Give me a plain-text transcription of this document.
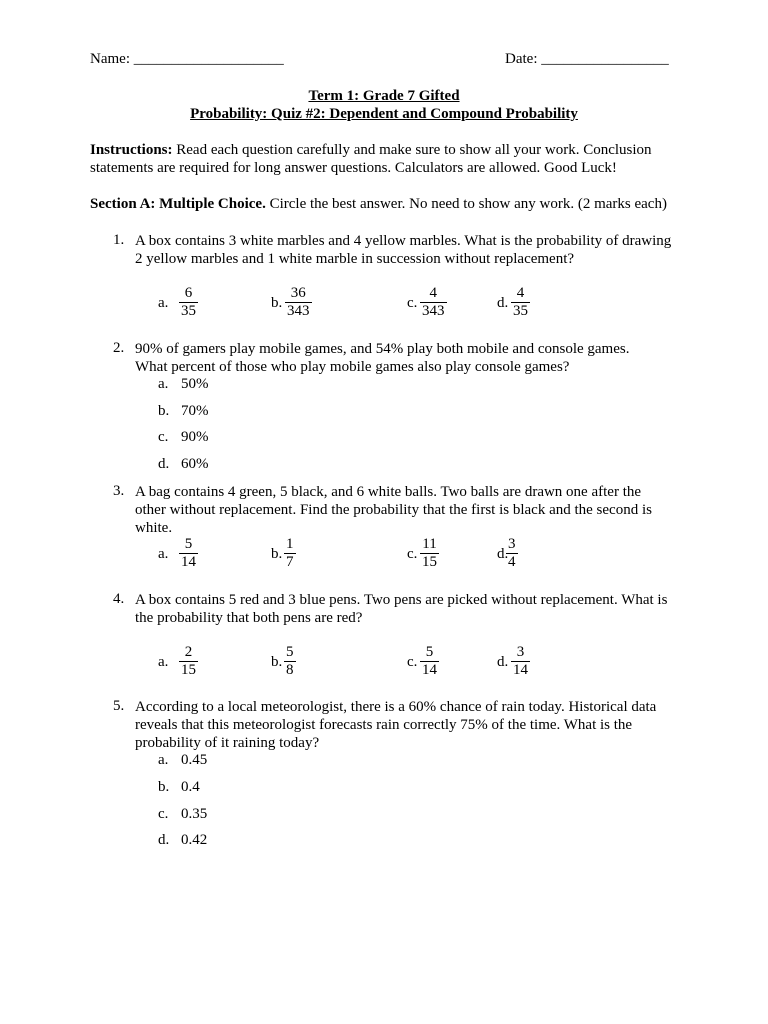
Name: ____________________	Date: _________________
Term 1: Grade 7 Gifted
Probability: Quiz #2: Dependent and Compound Probability
Instructions: Read each question carefully and make sure to show all your work. Conclusion statements are required for long answer questions. Calculators are allowed. Good Luck!
Section A: Multiple Choice. Circle the best answer. No need to show any work. (2 marks each)
1. A box contains 3 white marbles and 4 yellow marbles. What is the probability of drawing 2 yellow marbles and 1 white marble in succession without replacement?
a. $\frac{6}{35}$	b. $\frac{36}{343}$	c. $\frac{4}{343}$	d. $\frac{4}{35}$
2. 90% of gamers play mobile games, and 54% play both mobile and console games. What percent of those who play mobile games also play console games?
a. 50%
b. 70%
c. 90%
d. 60%
3. A bag contains 4 green, 5 black, and 6 white balls. Two balls are drawn one after the other without replacement. Find the probability that the first is black and the second is white.
a. $\frac{5}{14}$	b. $\frac{1}{7}$	c. $\frac{11}{15}$	d.
$\frac{3}{4}$
4. A box contains 5 red and 3 blue pens. Two pens are picked without replacement. What is the probability that both pens are red?
a. $\frac{2}{15}$	b. $\frac{5}{8}$	c. $\frac{5}{14}$	d. $\frac{3}{14}$
5. According to a local meteorologist, there is a 60% chance of rain today. Historical data reveals that this meteorologist forecasts rain correctly 75% of the time. What is the probability of it raining today?
a. 0.45
b. 0.4
c. 0.35
d. 0.42
